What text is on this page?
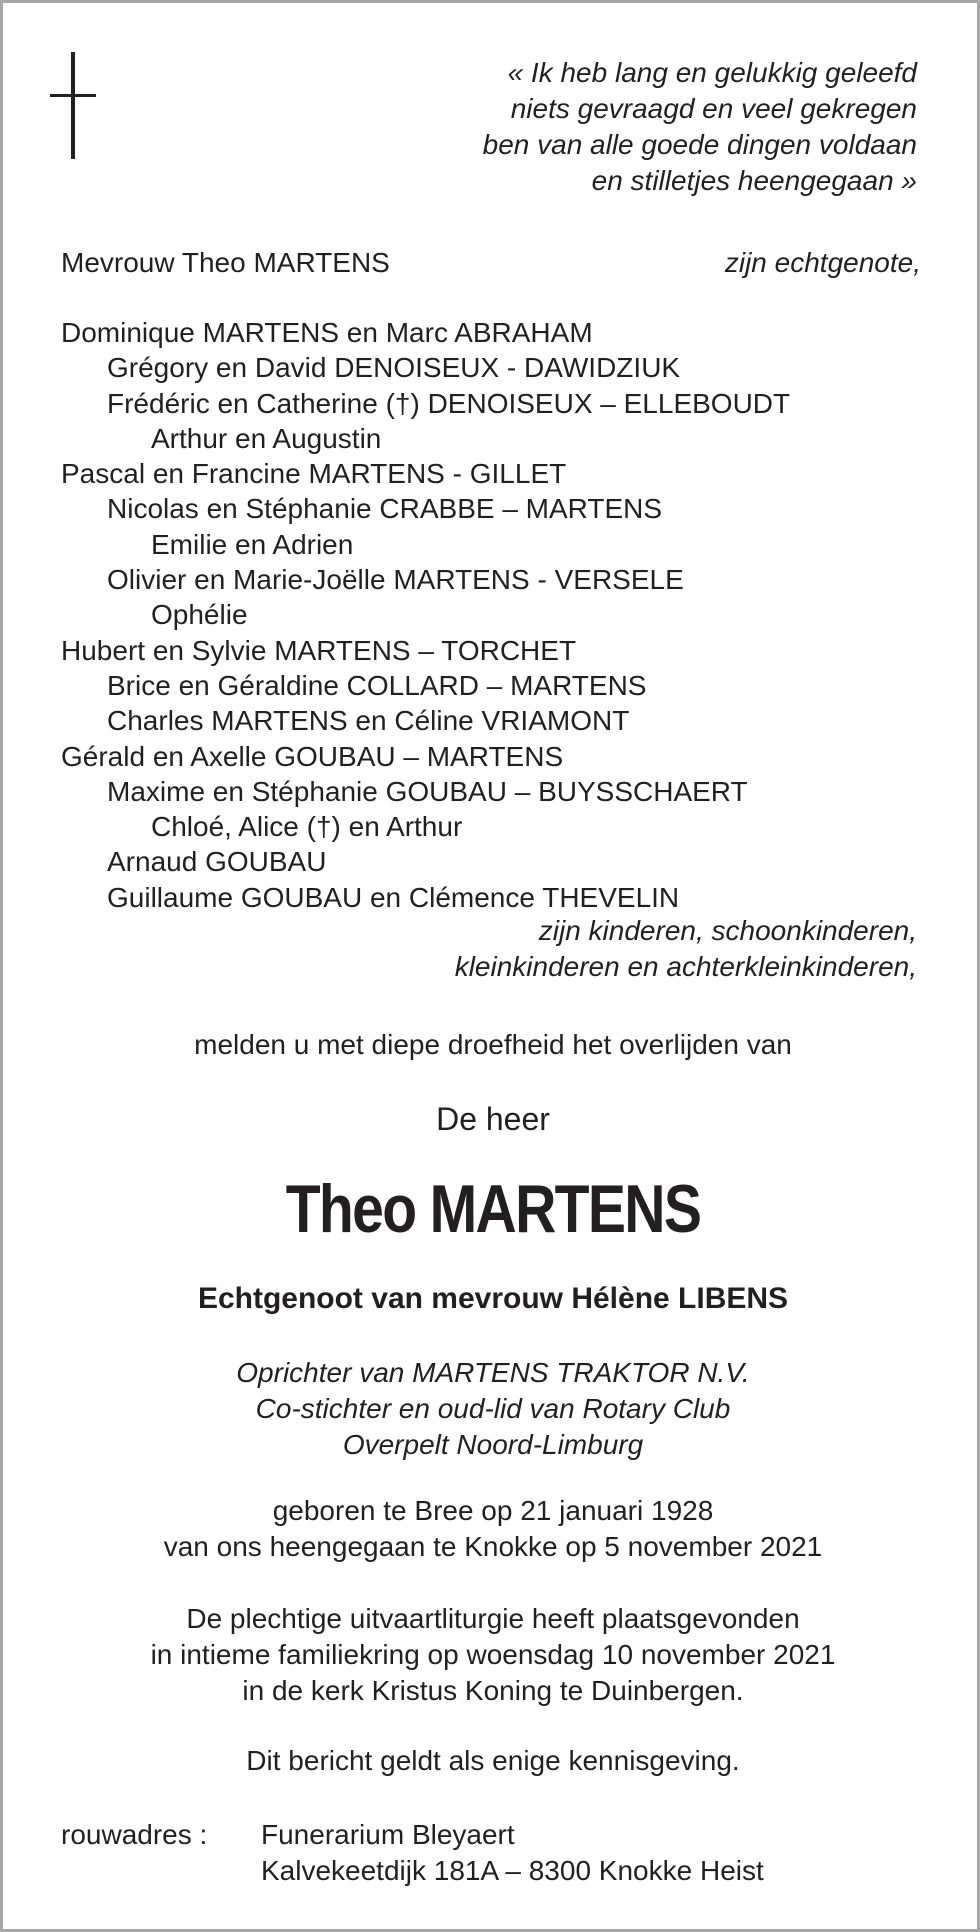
« Ik heb lang en gelukkig geleefd
niets gevraagd en veel gekregen
ben van alle goede dingen voldaan
en stilletjes heengegaan »
Mevrouw Theo MARTENS	zijn echtgenote,
Dominique MARTENS en Marc ABRAHAM
Grégory en David DENOISEUX - DAWIDZIUK
Frédéric en Catherine (†) DENOISEUX – ELLEBOUDT
Arthur en Augustin
Pascal en Francine MARTENS - GILLET
Nicolas en Stéphanie CRABBE – MARTENS
Emilie en Adrien
Olivier en Marie-Joëlle MARTENS - VERSELE
Ophélie
Hubert en Sylvie MARTENS – TORCHET
Brice en Géraldine COLLARD – MARTENS
Charles MARTENS en Céline VRIAMONT
Gérald en Axelle GOUBAU – MARTENS
Maxime en Stéphanie GOUBAU – BUYSSCHAERT
Chloé, Alice (†) en Arthur
Arnaud GOUBAU
Guillaume GOUBAU en Clémence THEVELIN
zijn kinderen, schoonkinderen,
kleinkinderen en achterkleinkinderen,
melden u met diepe droefheid het overlijden van
De heer
Theo MARTENS
Echtgenoot van mevrouw Hélène LIBENS
Oprichter van MARTENS TRAKTOR N.V.
Co-stichter en oud-lid van Rotary Club
Overpelt Noord-Limburg
geboren te Bree op 21 januari 1928
van ons heengegaan te Knokke op 5 november 2021
De plechtige uitvaartliturgie heeft plaatsgevonden
in intieme familiekring op woensdag 10 november 2021
in de kerk Kristus Koning te Duinbergen.
Dit bericht geldt als enige kennisgeving.
rouwadres : Funerarium Bleyaert
Kalvekeetdijk 181A – 8300 Knokke Heist
